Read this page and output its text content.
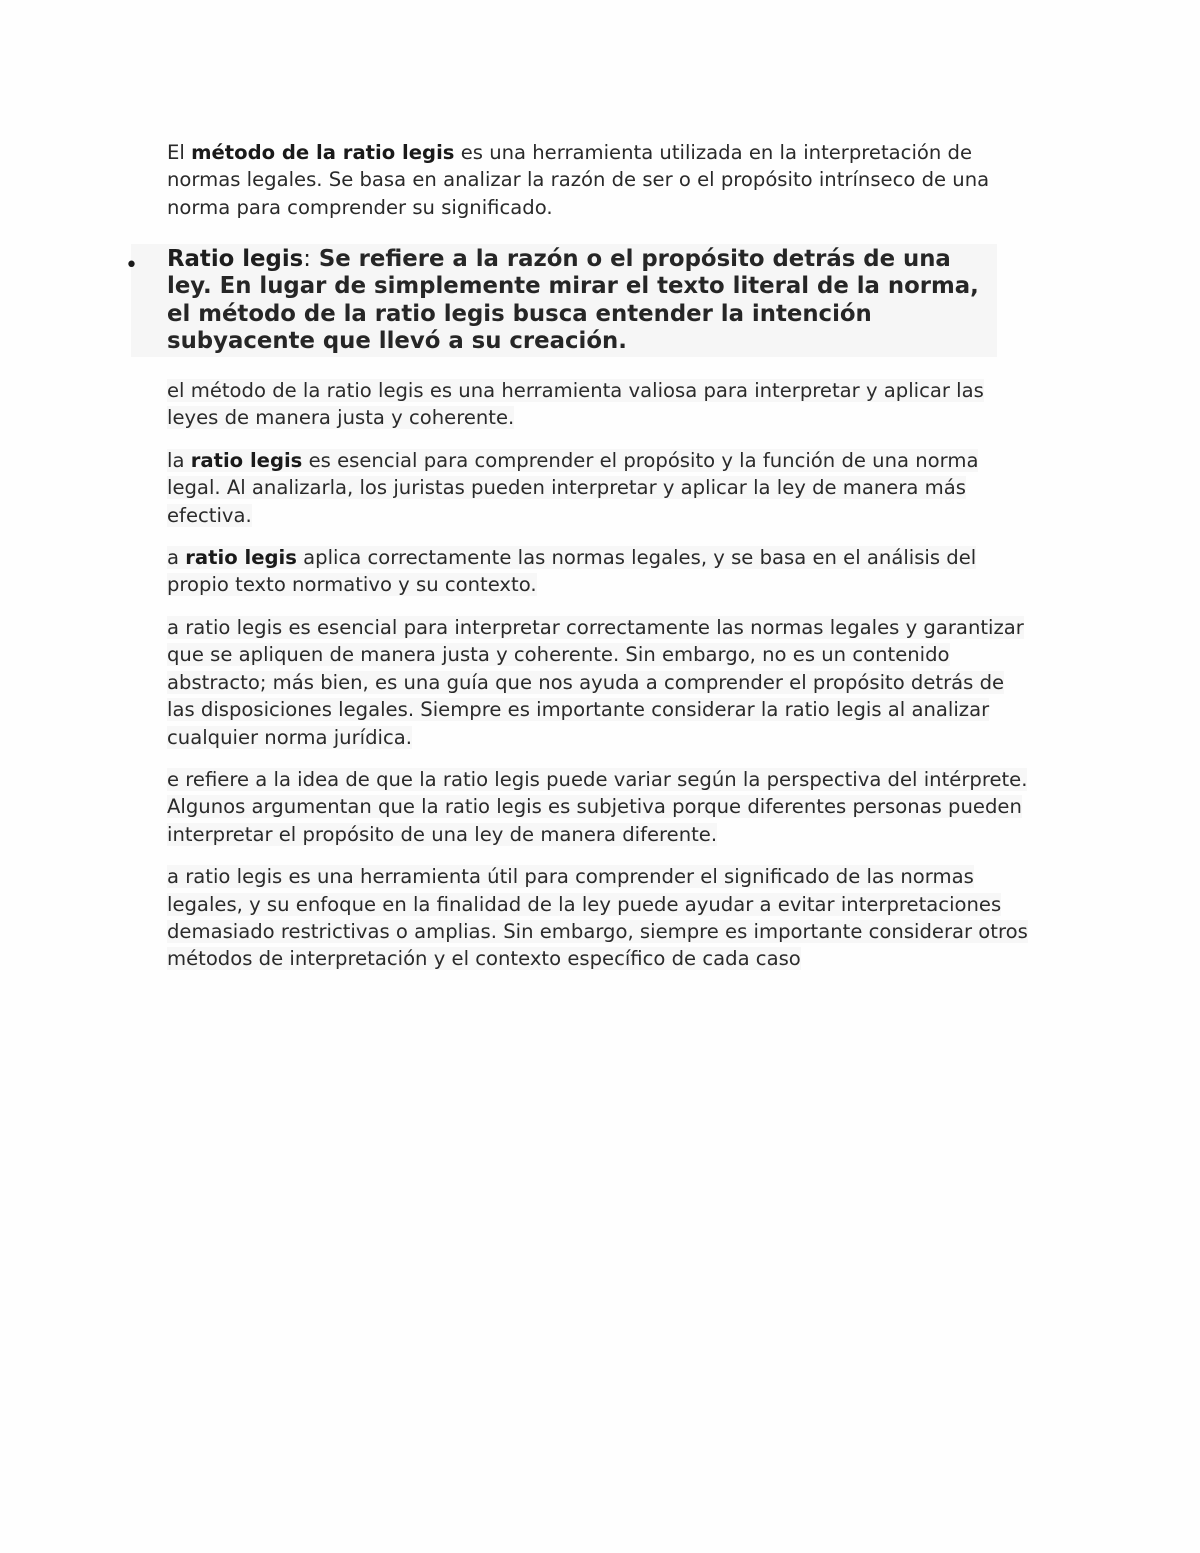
El método de la ratio legis es una herramienta utilizada en la interpretación de normas legales. Se basa en analizar la razón de ser o el propósito intrínseco de una norma para comprender su significado.

• Ratio legis: Se refiere a la razón o el propósito detrás de una ley. En lugar de simplemente mirar el texto literal de la norma, el método de la ratio legis busca entender la intención subyacente que llevó a su creación.

el método de la ratio legis es una herramienta valiosa para interpretar y aplicar las leyes de manera justa y coherente.

la ratio legis es esencial para comprender el propósito y la función de una norma legal. Al analizarla, los juristas pueden interpretar y aplicar la ley de manera más efectiva.

a ratio legis aplica correctamente las normas legales, y se basa en el análisis del propio texto normativo y su contexto.

a ratio legis es esencial para interpretar correctamente las normas legales y garantizar que se apliquen de manera justa y coherente. Sin embargo, no es un contenido abstracto; más bien, es una guía que nos ayuda a comprender el propósito detrás de las disposiciones legales. Siempre es importante considerar la ratio legis al analizar cualquier norma jurídica.

e refiere a la idea de que la ratio legis puede variar según la perspectiva del intérprete. Algunos argumentan que la ratio legis es subjetiva porque diferentes personas pueden interpretar el propósito de una ley de manera diferente.

a ratio legis es una herramienta útil para comprender el significado de las normas legales, y su enfoque en la finalidad de la ley puede ayudar a evitar interpretaciones demasiado restrictivas o amplias. Sin embargo, siempre es importante considerar otros métodos de interpretación y el contexto específico de cada caso
